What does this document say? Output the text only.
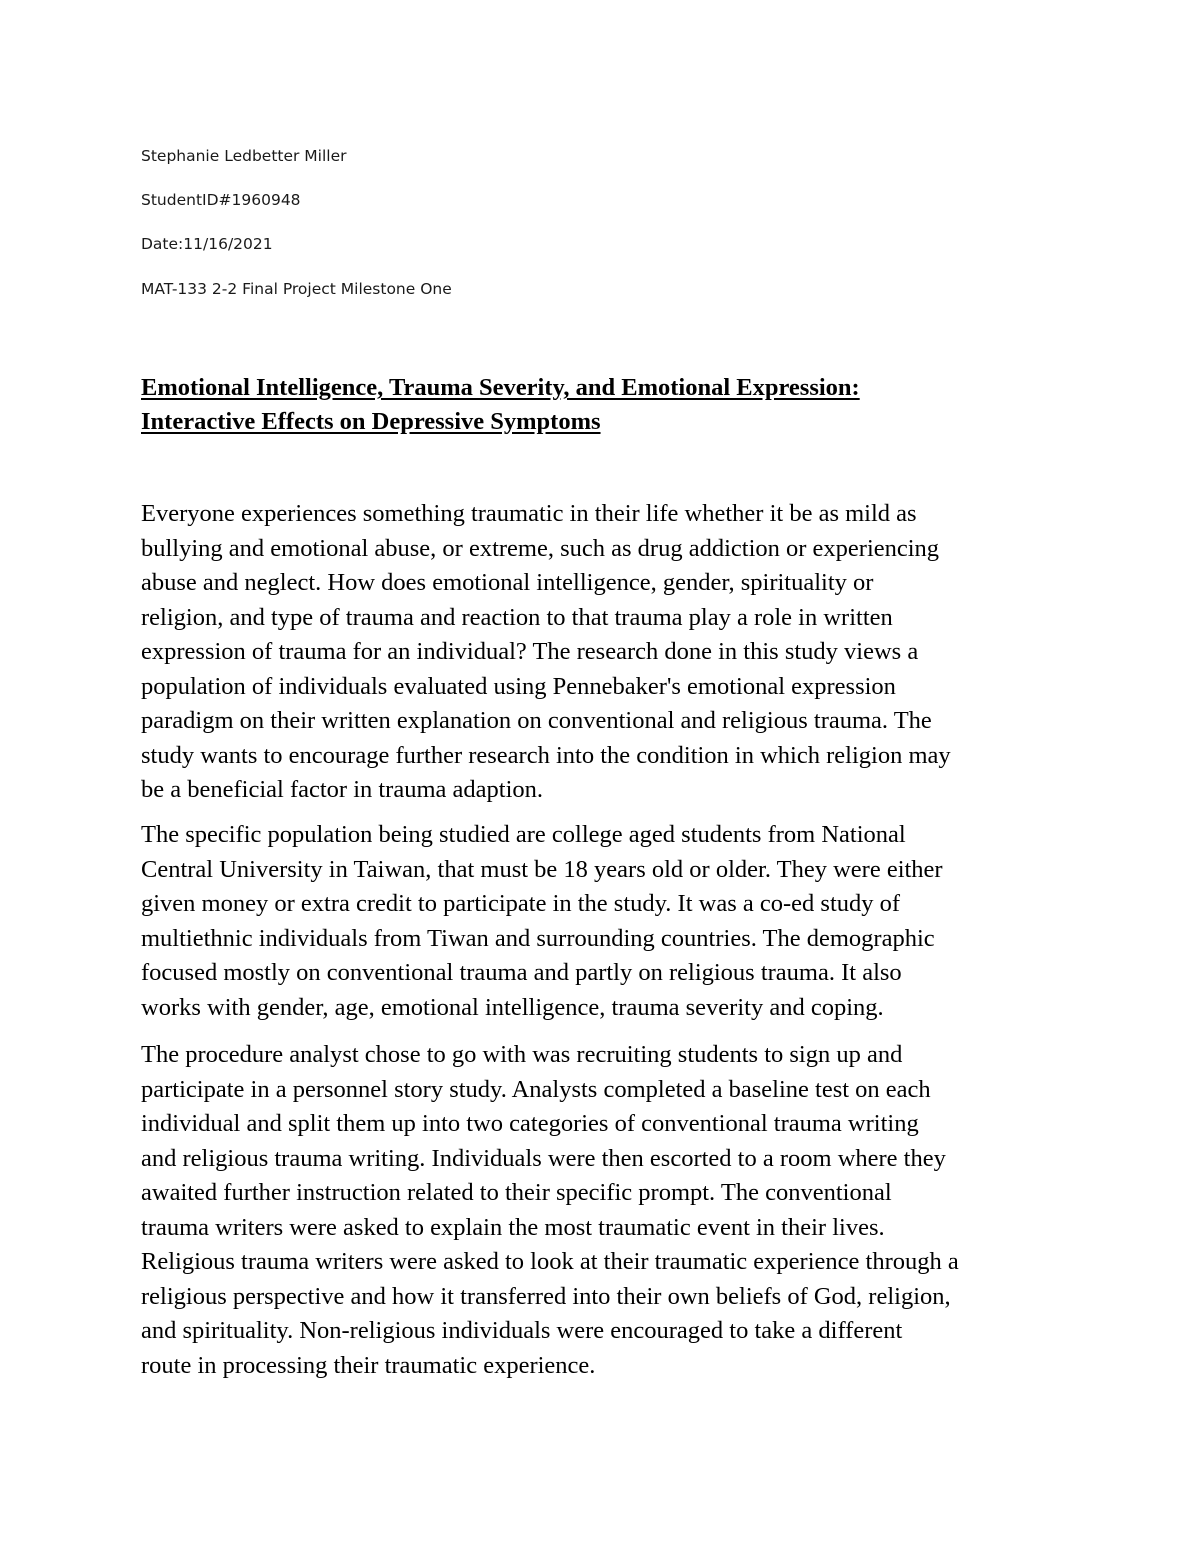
Stephanie Ledbetter Miller

StudentID#1960948

Date:11/16/2021

MAT-133 2-2 Final Project Milestone One

Emotional Intelligence, Trauma Severity, and Emotional Expression:
Interactive Effects on Depressive Symptoms

Everyone experiences something traumatic in their life whether it be as mild as
bullying and emotional abuse, or extreme, such as drug addiction or experiencing
abuse and neglect. How does emotional intelligence, gender, spirituality or
religion, and type of trauma and reaction to that trauma play a role in written
expression of trauma for an individual? The research done in this study views a
population of individuals evaluated using Pennebaker's emotional expression
paradigm on their written explanation on conventional and religious trauma. The
study wants to encourage further research into the condition in which religion may
be a beneficial factor in trauma adaption.

The specific population being studied are college aged students from National
Central University in Taiwan, that must be 18 years old or older. They were either
given money or extra credit to participate in the study. It was a co-ed study of
multiethnic individuals from Tiwan and surrounding countries. The demographic
focused mostly on conventional trauma and partly on religious trauma. It also
works with gender, age, emotional intelligence, trauma severity and coping.

The procedure analyst chose to go with was recruiting students to sign up and
participate in a personnel story study. Analysts completed a baseline test on each
individual and split them up into two categories of conventional trauma writing
and religious trauma writing. Individuals were then escorted to a room where they
awaited further instruction related to their specific prompt. The conventional
trauma writers were asked to explain the most traumatic event in their lives.
Religious trauma writers were asked to look at their traumatic experience through a
religious perspective and how it transferred into their own beliefs of God, religion,
and spirituality. Non-religious individuals were encouraged to take a different
route in processing their traumatic experience.
